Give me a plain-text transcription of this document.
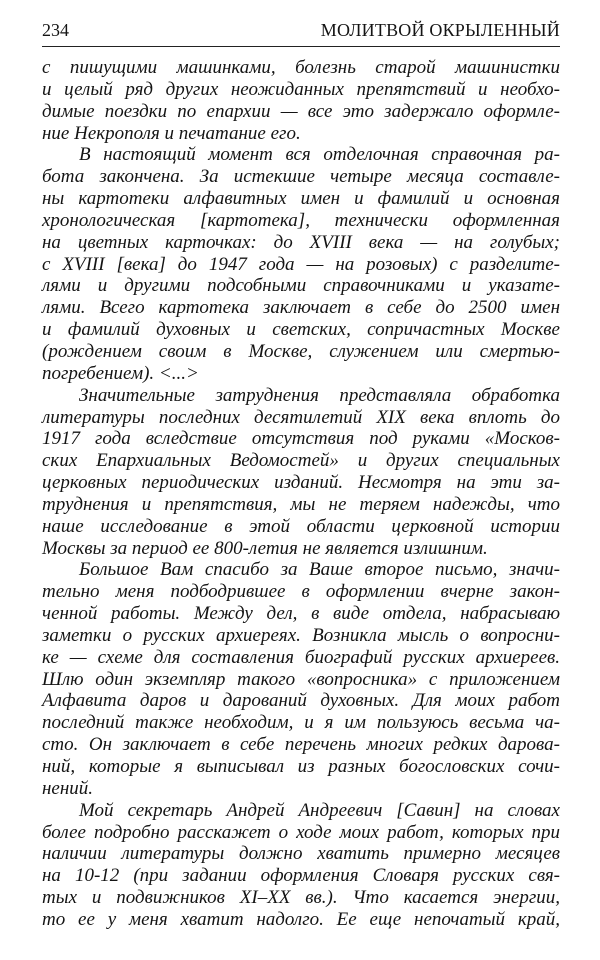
234	МОЛИТВОЙ ОКРЫЛЕННЫЙ
с пишущими машинками, болезнь старой машинистки
и целый ряд других неожиданных препятствий и необхо-
димые поездки по епархии — все это задержало оформле-
ние Некрополя и печатание его.
В настоящий момент вся отделочная справочная ра-
бота закончена. За истекшие четыре месяца составле-
ны картотеки алфавитных имен и фамилий и основная
хронологическая [картотека], технически оформленная
на цветных карточках: до XVIII века — на голубых;
с XVIII [века] до 1947 года — на розовых) с разделите-
лями и другими подсобными справочниками и указате-
лями. Всего картотека заключает в себе до 2500 имен
и фамилий духовных и светских, сопричастных Москве
(рождением своим в Москве, служением или смертью-
погребением). <...>
Значительные затруднения представляла обработка
литературы последних десятилетий XIX века вплоть до
1917 года вследствие отсутствия под руками «Москов-
ских Епархиальных Ведомостей» и других специальных
церковных периодических изданий. Несмотря на эти за-
труднения и препятствия, мы не теряем надежды, что
наше исследование в этой области церковной истории
Москвы за период ее 800-летия не является излишним.
Большое Вам спасибо за Ваше второе письмо, значи-
тельно меня подбодрившее в оформлении вчерне закон-
ченной работы. Между дел, в виде отдела, набрасываю
заметки о русских архиереях. Возникла мысль о вопросни-
ке — схеме для составления биографий русских архиереев.
Шлю один экземпляр такого «вопросника» с приложением
Алфавита даров и дарований духовных. Для моих работ
последний также необходим, и я им пользуюсь весьма ча-
сто. Он заключает в себе перечень многих редких дарова-
ний, которые я выписывал из разных богословских сочи-
нений.
Мой секретарь Андрей Андреевич [Савин] на словах
более подробно расскажет о ходе моих работ, которых при
наличии литературы должно хватить примерно месяцев
на 10-12 (при задании оформления Словаря русских свя-
тых и подвижников XI–XX вв.). Что касается энергии,
то ее у меня хватит надолго. Ее еще непочатый край,
